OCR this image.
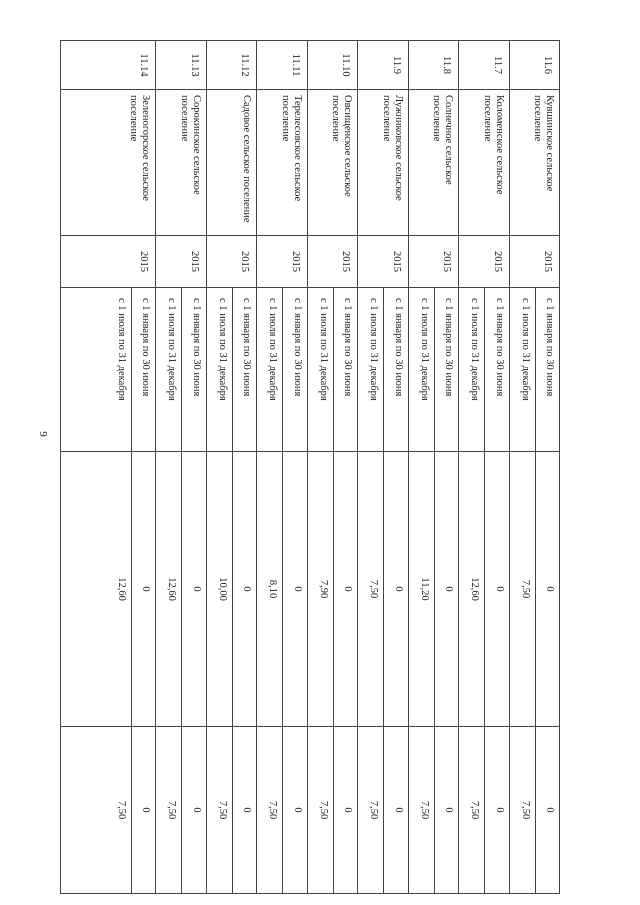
9
11.6	Кувшинское сельское поселение	2015	с 1 января по 30 июня	0	0
			с 1 июля по 31 декабря	7,50	7,50
11.7	Коломенское сельское поселение	2015	с 1 января по 30 июня	0	0
			с 1 июля по 31 декабря	12,60	7,50
11.8	Солнечное сельское поселение	2015	с 1 января по 30 июня	0	0
			с 1 июля по 31 декабря	11,20	7,50
11.9	Лужниковское сельское поселение	2015	с 1 января по 30 июня	0	0
			с 1 июля по 31 декабря	7,50	7,50
11.10	Овсищенское сельское поселение	2015	с 1 января по 30 июня	0	0
			с 1 июля по 31 декабря	7,90	7,50
11.11	Терелесовское сельское поселение	2015	с 1 января по 30 июня	0	0
			с 1 июля по 31 декабря	8,10	7,50
11.12	Садовое сельское поселение	2015	с 1 января по 30 июня	0	0
			с 1 июля по 31 декабря	10,00	7,50
11.13	Сорокинское сельское поселение	2015	с 1 января по 30 июня	0	0
			с 1 июля по 31 декабря	12,60	7,50
11.14	Зеленогорское сельское поселение	2015	с 1 января по 30 июня	0	0
			с 1 июля по 31 декабря	12,60	7,50
